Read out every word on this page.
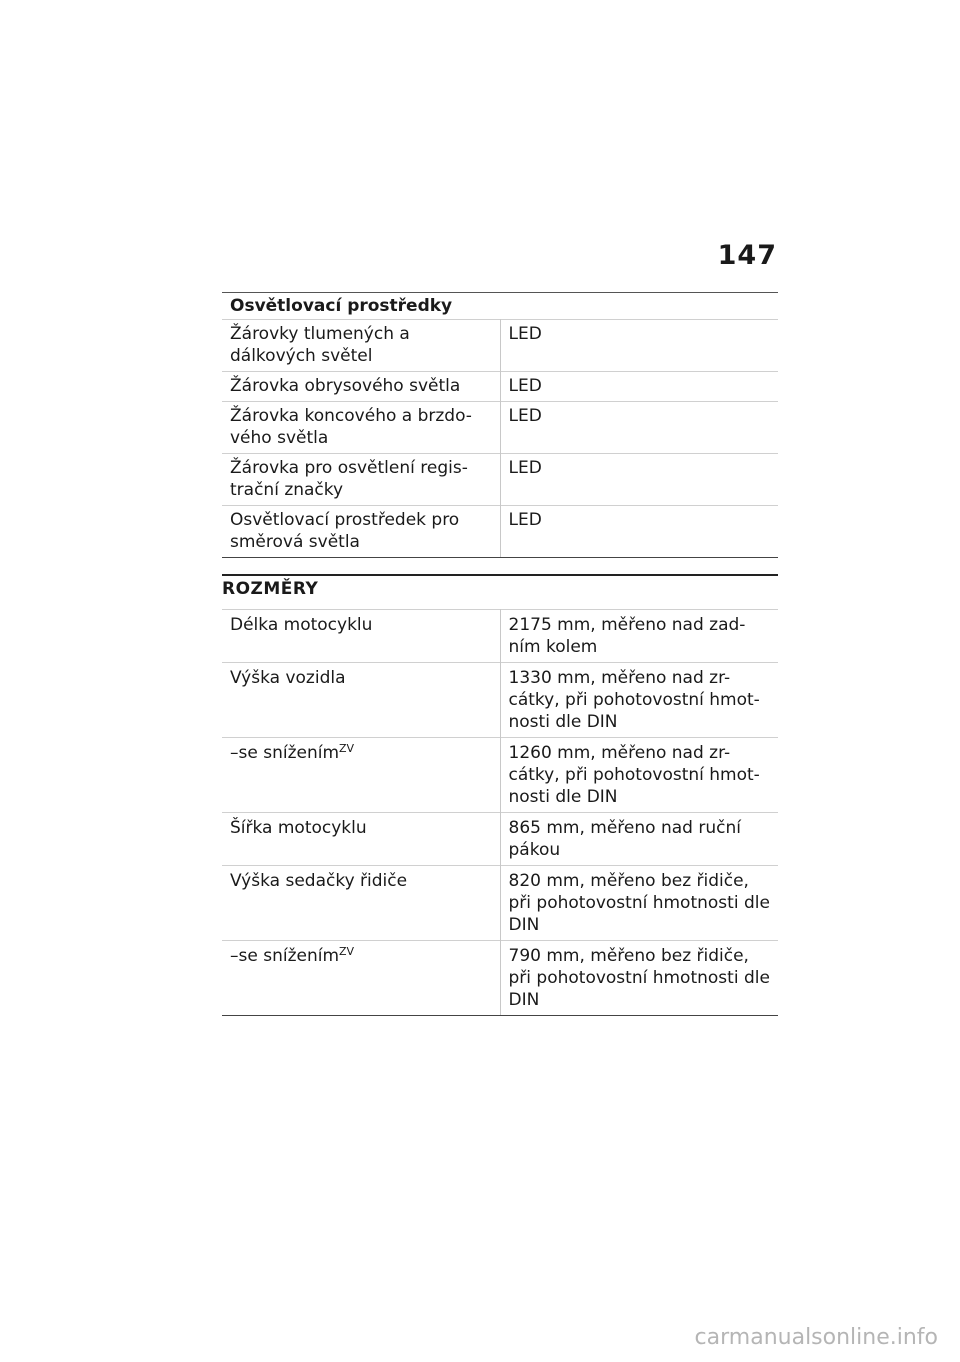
147
Osvětlovací prostředky	
Žárovky tlumených a dálkových světel	LED
Žárovka obrysového světla	LED
Žárovka koncového a brzdo-vého světla	LED
Žárovka pro osvětlení regis-trační značky	LED
Osvětlovací prostředek pro směrová světla	LED
ROZMĚRY
Délka motocyklu	2175 mm, měřeno nad zad-ním kolem
Výška vozidla	1330 mm, měřeno nad zr-cátky, při pohotovostní hmot-nosti dle DIN
–se snížením$^{ZV}$	1260 mm, měřeno nad zr-cátky, při pohotovostní hmot-nosti dle DIN
Šířka motocyklu	865 mm, měřeno nad ruční pákou
Výška sedačky řidiče	820 mm, měřeno bez řidiče, při pohotovostní hmotnosti dle DIN
–se snížením$^{ZV}$	790 mm, měřeno bez řidiče, při pohotovostní hmotnosti dle DIN
carmanualsonline.info
